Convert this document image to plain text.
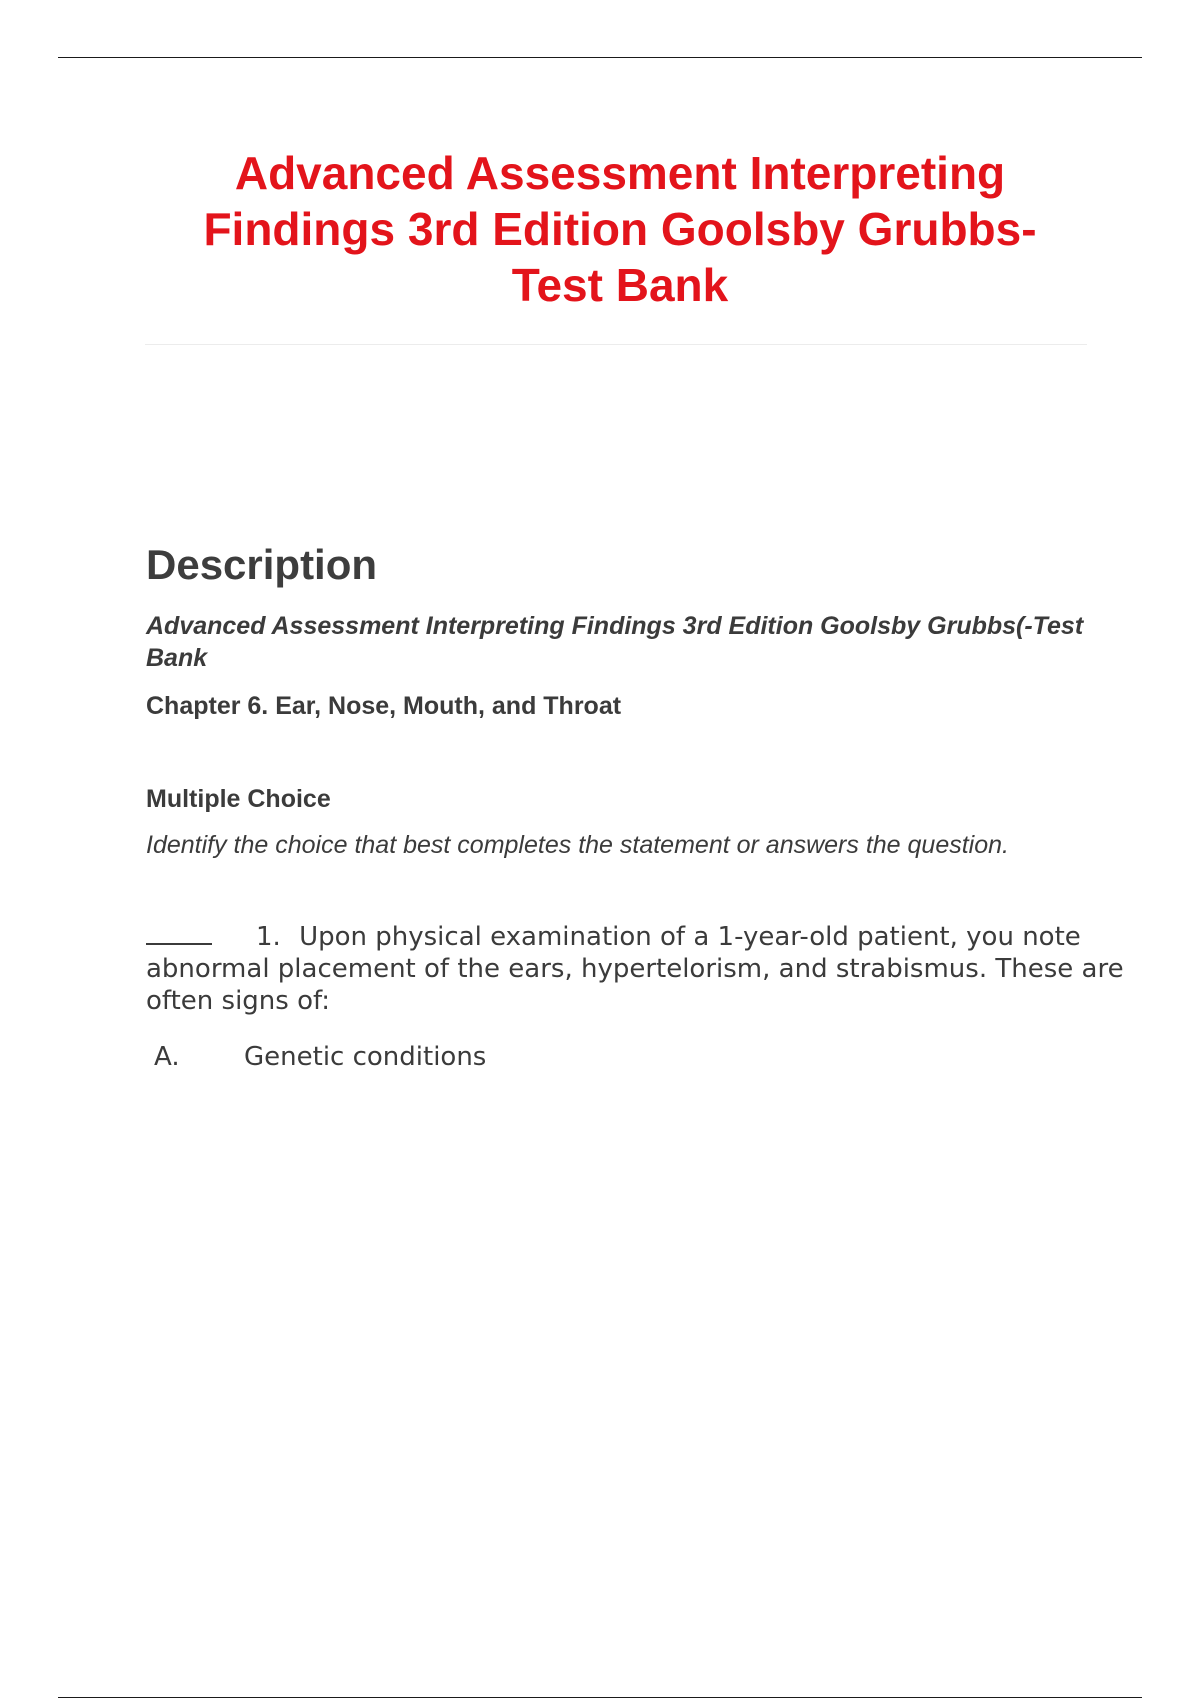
Advanced Assessment Interpreting Findings 3rd Edition Goolsby Grubbs-Test Bank
Description

Advanced Assessment Interpreting Findings 3rd Edition Goolsby Grubbs(-Test Bank

Chapter 6. Ear, Nose, Mouth, and Throat

Multiple Choice

Identify the choice that best completes the statement or answers the question.

1. Upon physical examination of a 1-year-old patient, you note abnormal placement of the ears, hypertelorism, and strabismus. These are often signs of:

A. Genetic conditions
